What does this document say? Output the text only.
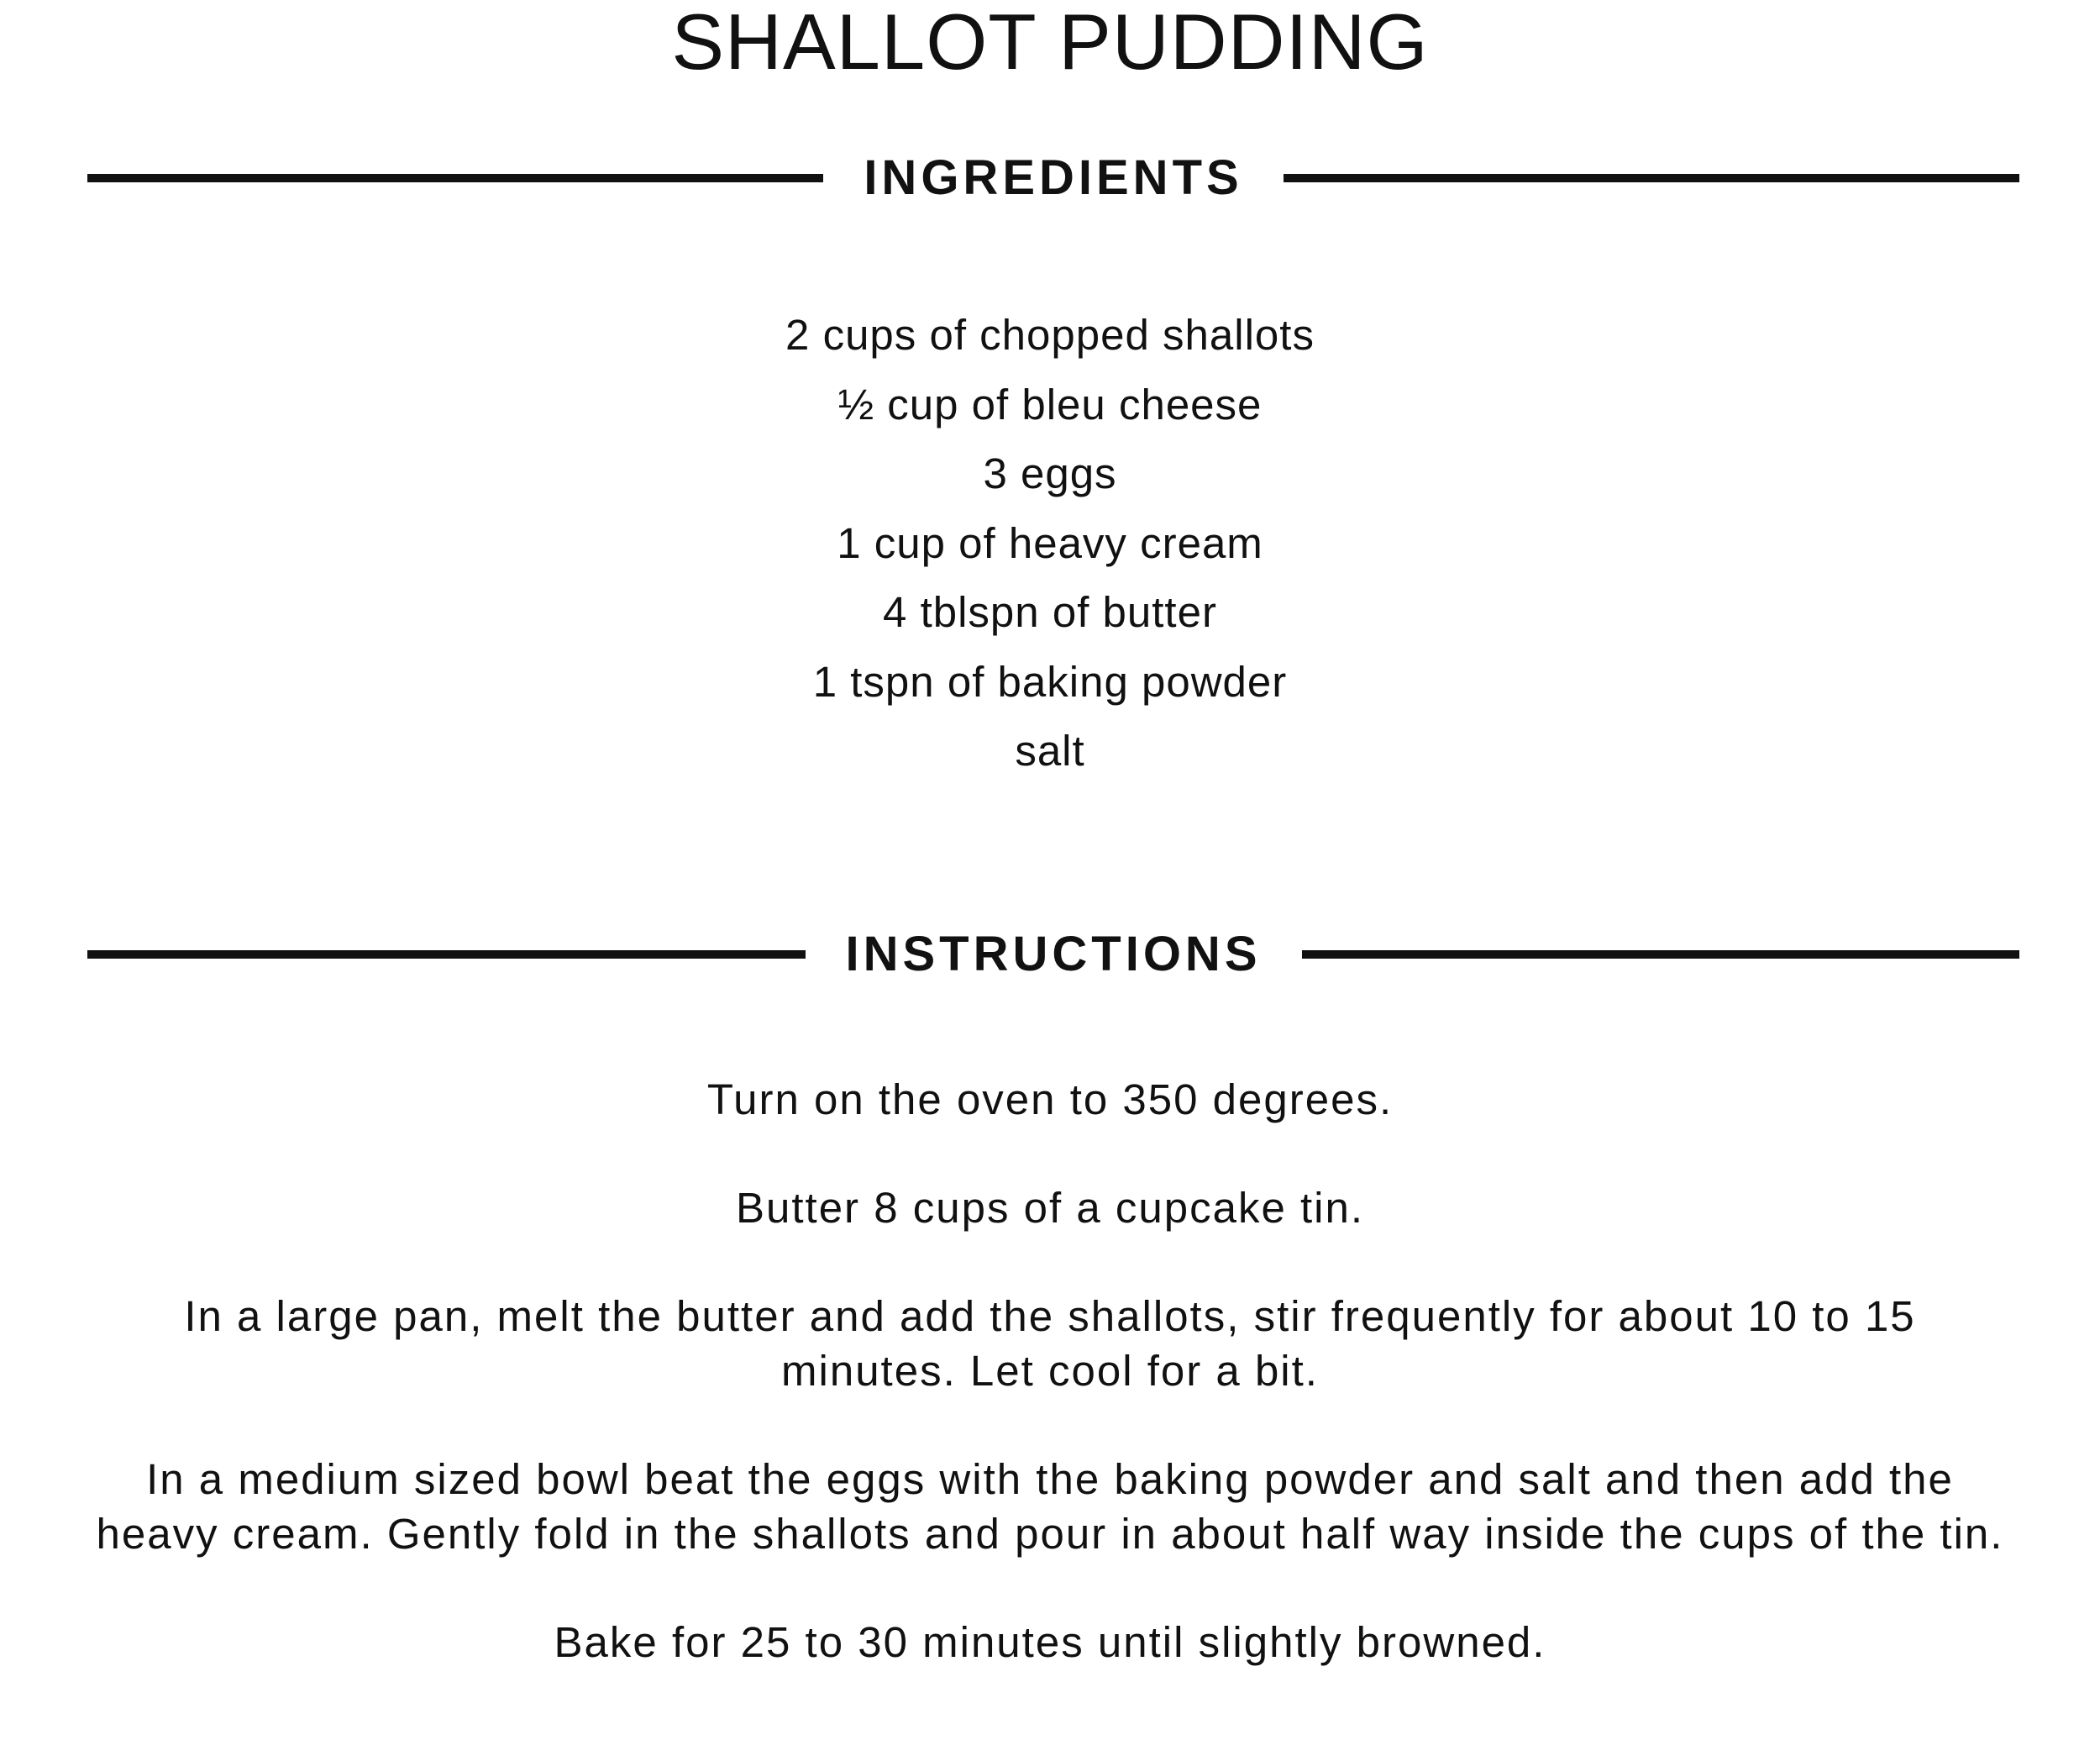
SHALLOT PUDDING
INGREDIENTS
2 cups of chopped shallots
½ cup of bleu cheese
3 eggs
1 cup of heavy cream
4 tblspn of butter
1 tspn of baking powder
salt
INSTRUCTIONS
Turn on the oven to 350 degrees.
Butter 8 cups of a cupcake tin.
In a large pan, melt the butter and add the shallots, stir frequently for about 10 to 15 minutes. Let cool for a bit.
In a medium sized bowl beat the eggs with the baking powder and salt and then add the heavy cream. Gently fold in the shallots and pour in about half way inside the cups of the tin.
Bake for 25 to 30 minutes until slightly browned.
